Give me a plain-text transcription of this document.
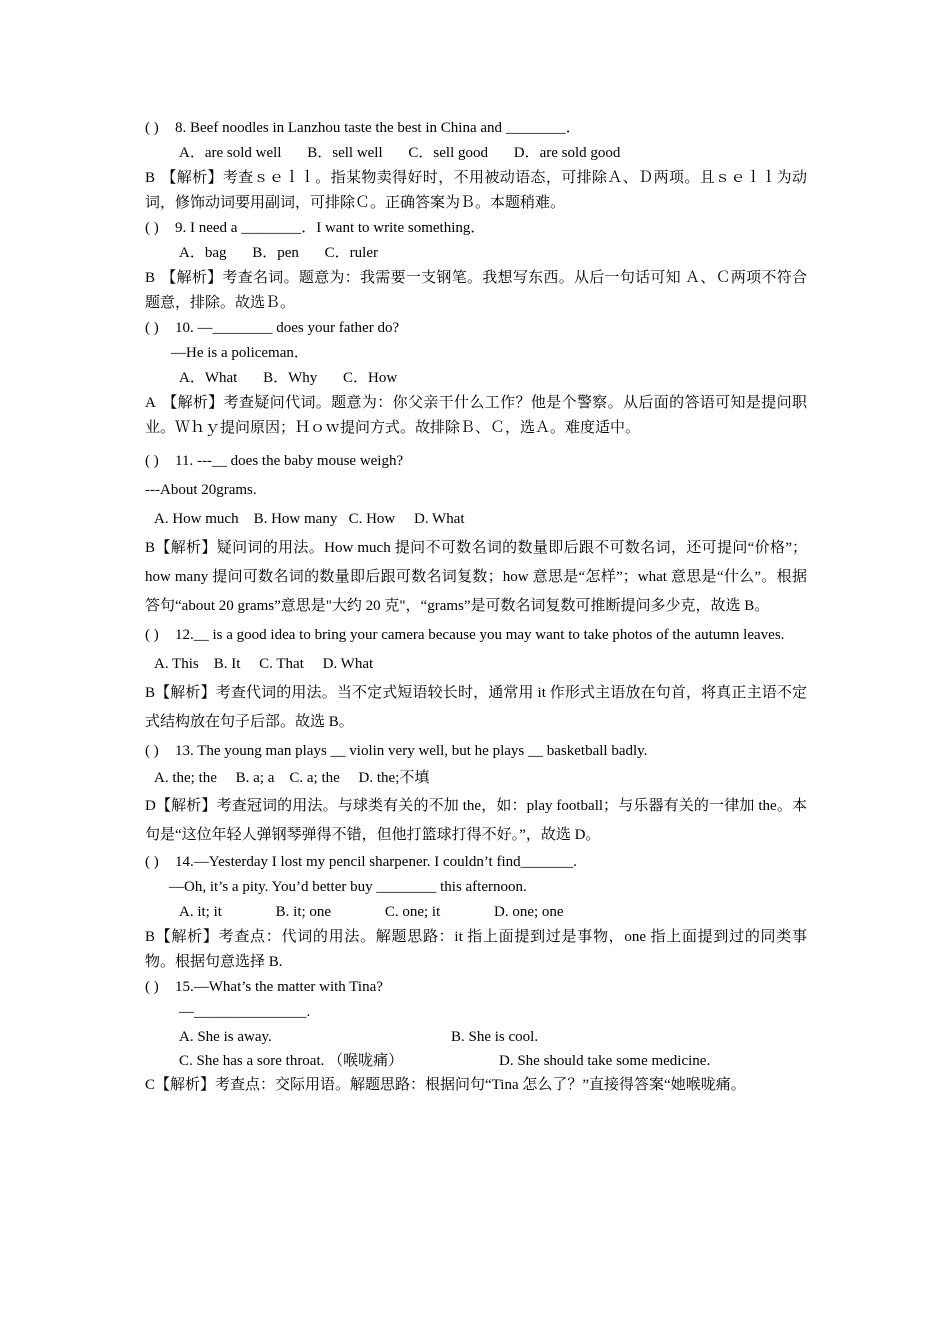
( )	8. Beef noodles in Lanzhou taste the best in China and ________．
A．are sold well B．sell well C．sell good D．are sold good
B 【解析】考查ｓｅｌｌ。指某物卖得好时，不用被动语态，可排除Ａ、Ｄ两项。且ｓｅｌｌ为动词，修饰动词要用副词，可排除Ｃ。正确答案为Ｂ。本题稍难。
( )	9. I need a ________．I want to write something．
A．bag B．pen C．ruler
B 【解析】考查名词。题意为：我需要一支钢笔。我想写东西。从后一句话可知 Ａ、Ｃ两项不符合题意，排除。故选Ｂ。
( )	10. —________ does your father do?
—He is a policeman．
A．What B．Why C．How
A 【解析】考查疑问代词。题意为：你父亲干什么工作？他是个警察。从后面的答语可知是提问职业。Ｗｈｙ提问原因；Ｈｏｗ提问方式。故排除Ｂ、Ｃ，选Ａ。难度适中。
( )	11. ---__ does the baby mouse weigh?
---About 20grams.
A. How much    B. How many   C. How     D. What
B【解析】疑问词的用法。How much 提问不可数名词的数量即后跟不可数名词，还可提问“价格”；how many 提问可数名词的数量即后跟可数名词复数；how 意思是“怎样”；what 意思是“什么”。根据答句“about 20 grams”意思是"大约 20 克"，“grams”是可数名词复数可推断提问多少克，故选 B。
( ) 12.__ is a good idea to bring your camera because you may want to take photos of the autumn leaves.
A. This    B. It     C. That     D. What
B【解析】考查代词的用法。当不定式短语较长时，通常用 it 作形式主语放在句首，将真正主语不定式结构放在句子后部。故选 B。
( )	13. The young man plays __ violin very well, but he plays __ basketball badly.
A. the; the     B. a; a    C. a; the     D. the;不填
D【解析】考查冠词的用法。与球类有关的不加 the，如：play football；与乐器有关的一律加 the。本句是“这位年轻人弹钢琴弹得不错，但他打篮球打得不好。”，故选 D。
( )	14.—Yesterday I lost my pencil sharpener. I couldn’t find_______.
—Oh, it’s a pity. You’d better buy ________ this afternoon.
A. it; it	B. it; one	C. one; it	D. one; one
B【解析】考查点：代词的用法。解题思路：it 指上面提到过是事物，one 指上面提到过的同类事物。根据句意选择 B.
( )	15.—What’s the matter with Tina?
—_______________.
A. She is away.	B. She is cool.
C. She has a sore throat. （喉咙痛）	D. She should take some medicine.
C【解析】考查点：交际用语。解题思路：根据问句“Tina 怎么了？”直接得答案“她喉咙痛。
